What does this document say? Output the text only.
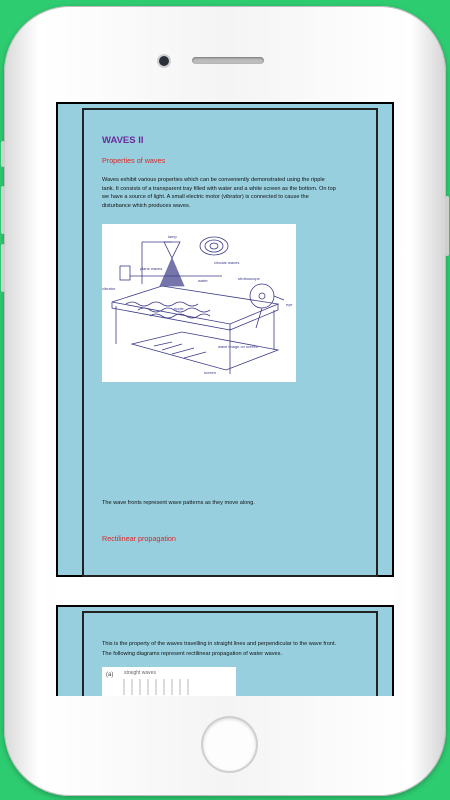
WAVES II
Properties of waves
Waves exhibit various properties which can be conveniently demonstrated using the ripple tank. It consists of a transparent tray filled with water and a white screen as the bottom. On top we have a source of light. A small electric motor (vibrator) is connected to cause the disturbance which produces waves.
lamp
circular waves
plane waves
water
vibrator
ripple
stroboscope
eye
wave image on screen
screen
The wave fronts represent wave patterns as they move along.
Rectilinear propagation
This is the property of the waves travelling in straight lines and perpendicular to the wave front. The following diagrams represent rectilinear propagation of water waves.
(a) straight waves
